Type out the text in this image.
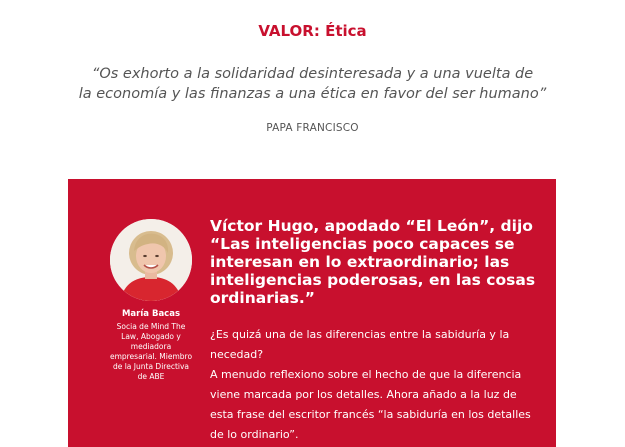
VALOR: Ética
“Os exhorto a la solidaridad desinteresada y a una vuelta de
la economía y las finanzas a una ética en favor del ser humano”
PAPA FRANCISCO
María Bacas
Socia de Mind The
Law, Abogado y
mediadora
empresarial. Miembro
de la Junta Directiva
de ABE
Víctor Hugo, apodado “El León”, dijo
“Las inteligencias poco capaces se
interesan en lo extraordinario; las
inteligencias poderosas, en las cosas
ordinarias.”
¿Es quizá una de las diferencias entre la sabiduría y la
necedad?
A menudo reflexiono sobre el hecho de que la diferencia
viene marcada por los detalles. Ahora añado a la luz de
esta frase del escritor francés “la sabiduría en los detalles
de lo ordinario”.
